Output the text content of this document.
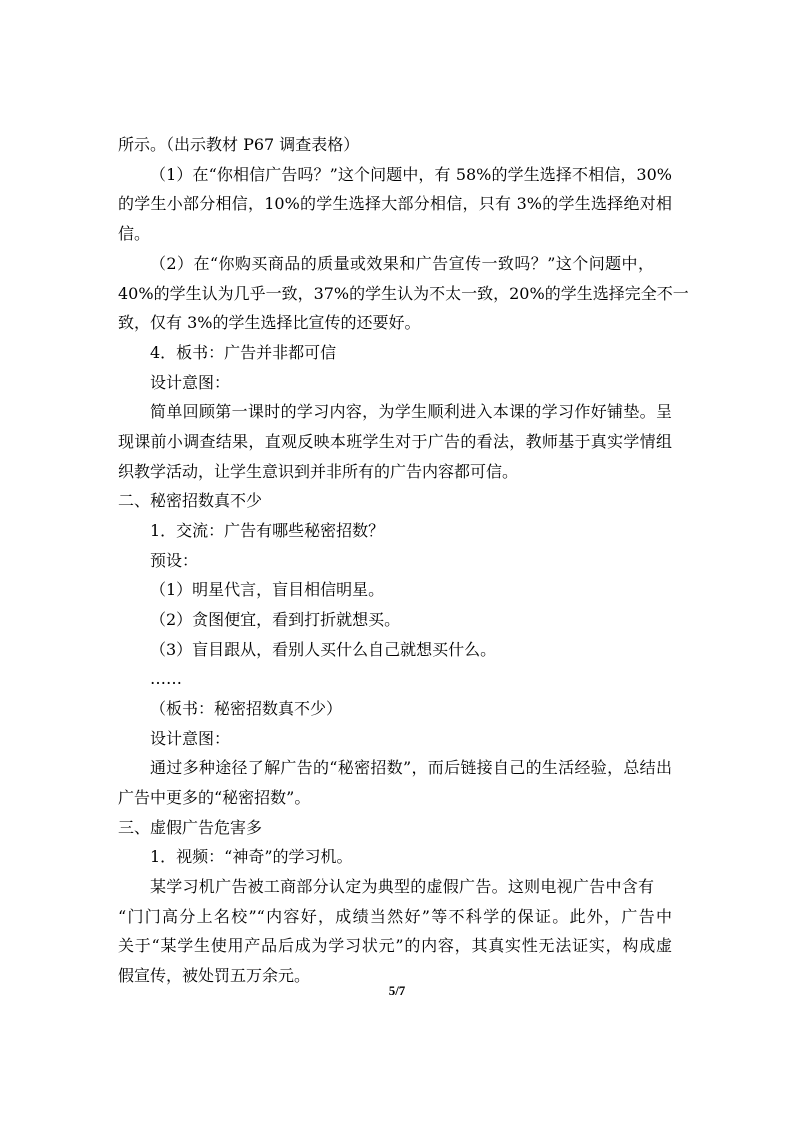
所示。（出示教材 P67 调查表格）
（1）在“你相信广告吗？”这个问题中，有 58%的学生选择不相信，30%
的学生小部分相信，10%的学生选择大部分相信，只有 3%的学生选择绝对相
信。
（2）在“你购买商品的质量或效果和广告宣传一致吗？”这个问题中，
40%的学生认为几乎一致，37%的学生认为不太一致，20%的学生选择完全不一
致，仅有 3%的学生选择比宣传的还要好。
4．板书：广告并非都可信
设计意图：
简单回顾第一课时的学习内容，为学生顺利进入本课的学习作好铺垫。呈
现课前小调查结果，直观反映本班学生对于广告的看法，教师基于真实学情组
织教学活动，让学生意识到并非所有的广告内容都可信。
二、秘密招数真不少
1．交流：广告有哪些秘密招数？
预设：
（1）明星代言，盲目相信明星。
（2）贪图便宜，看到打折就想买。
（3）盲目跟从，看别人买什么自己就想买什么。
……
（板书：秘密招数真不少）
设计意图：
通过多种途径了解广告的“秘密招数”，而后链接自己的生活经验，总结出
广告中更多的“秘密招数”。
三、虚假广告危害多
1．视频：“神奇”的学习机。
某学习机广告被工商部分认定为典型的虚假广告。这则电视广告中含有
“门门高分上名校”“内容好，成绩当然好”等不科学的保证。此外，广告中
关于“某学生使用产品后成为学习状元”的内容，其真实性无法证实，构成虚
假宣传，被处罚五万余元。
5/7
